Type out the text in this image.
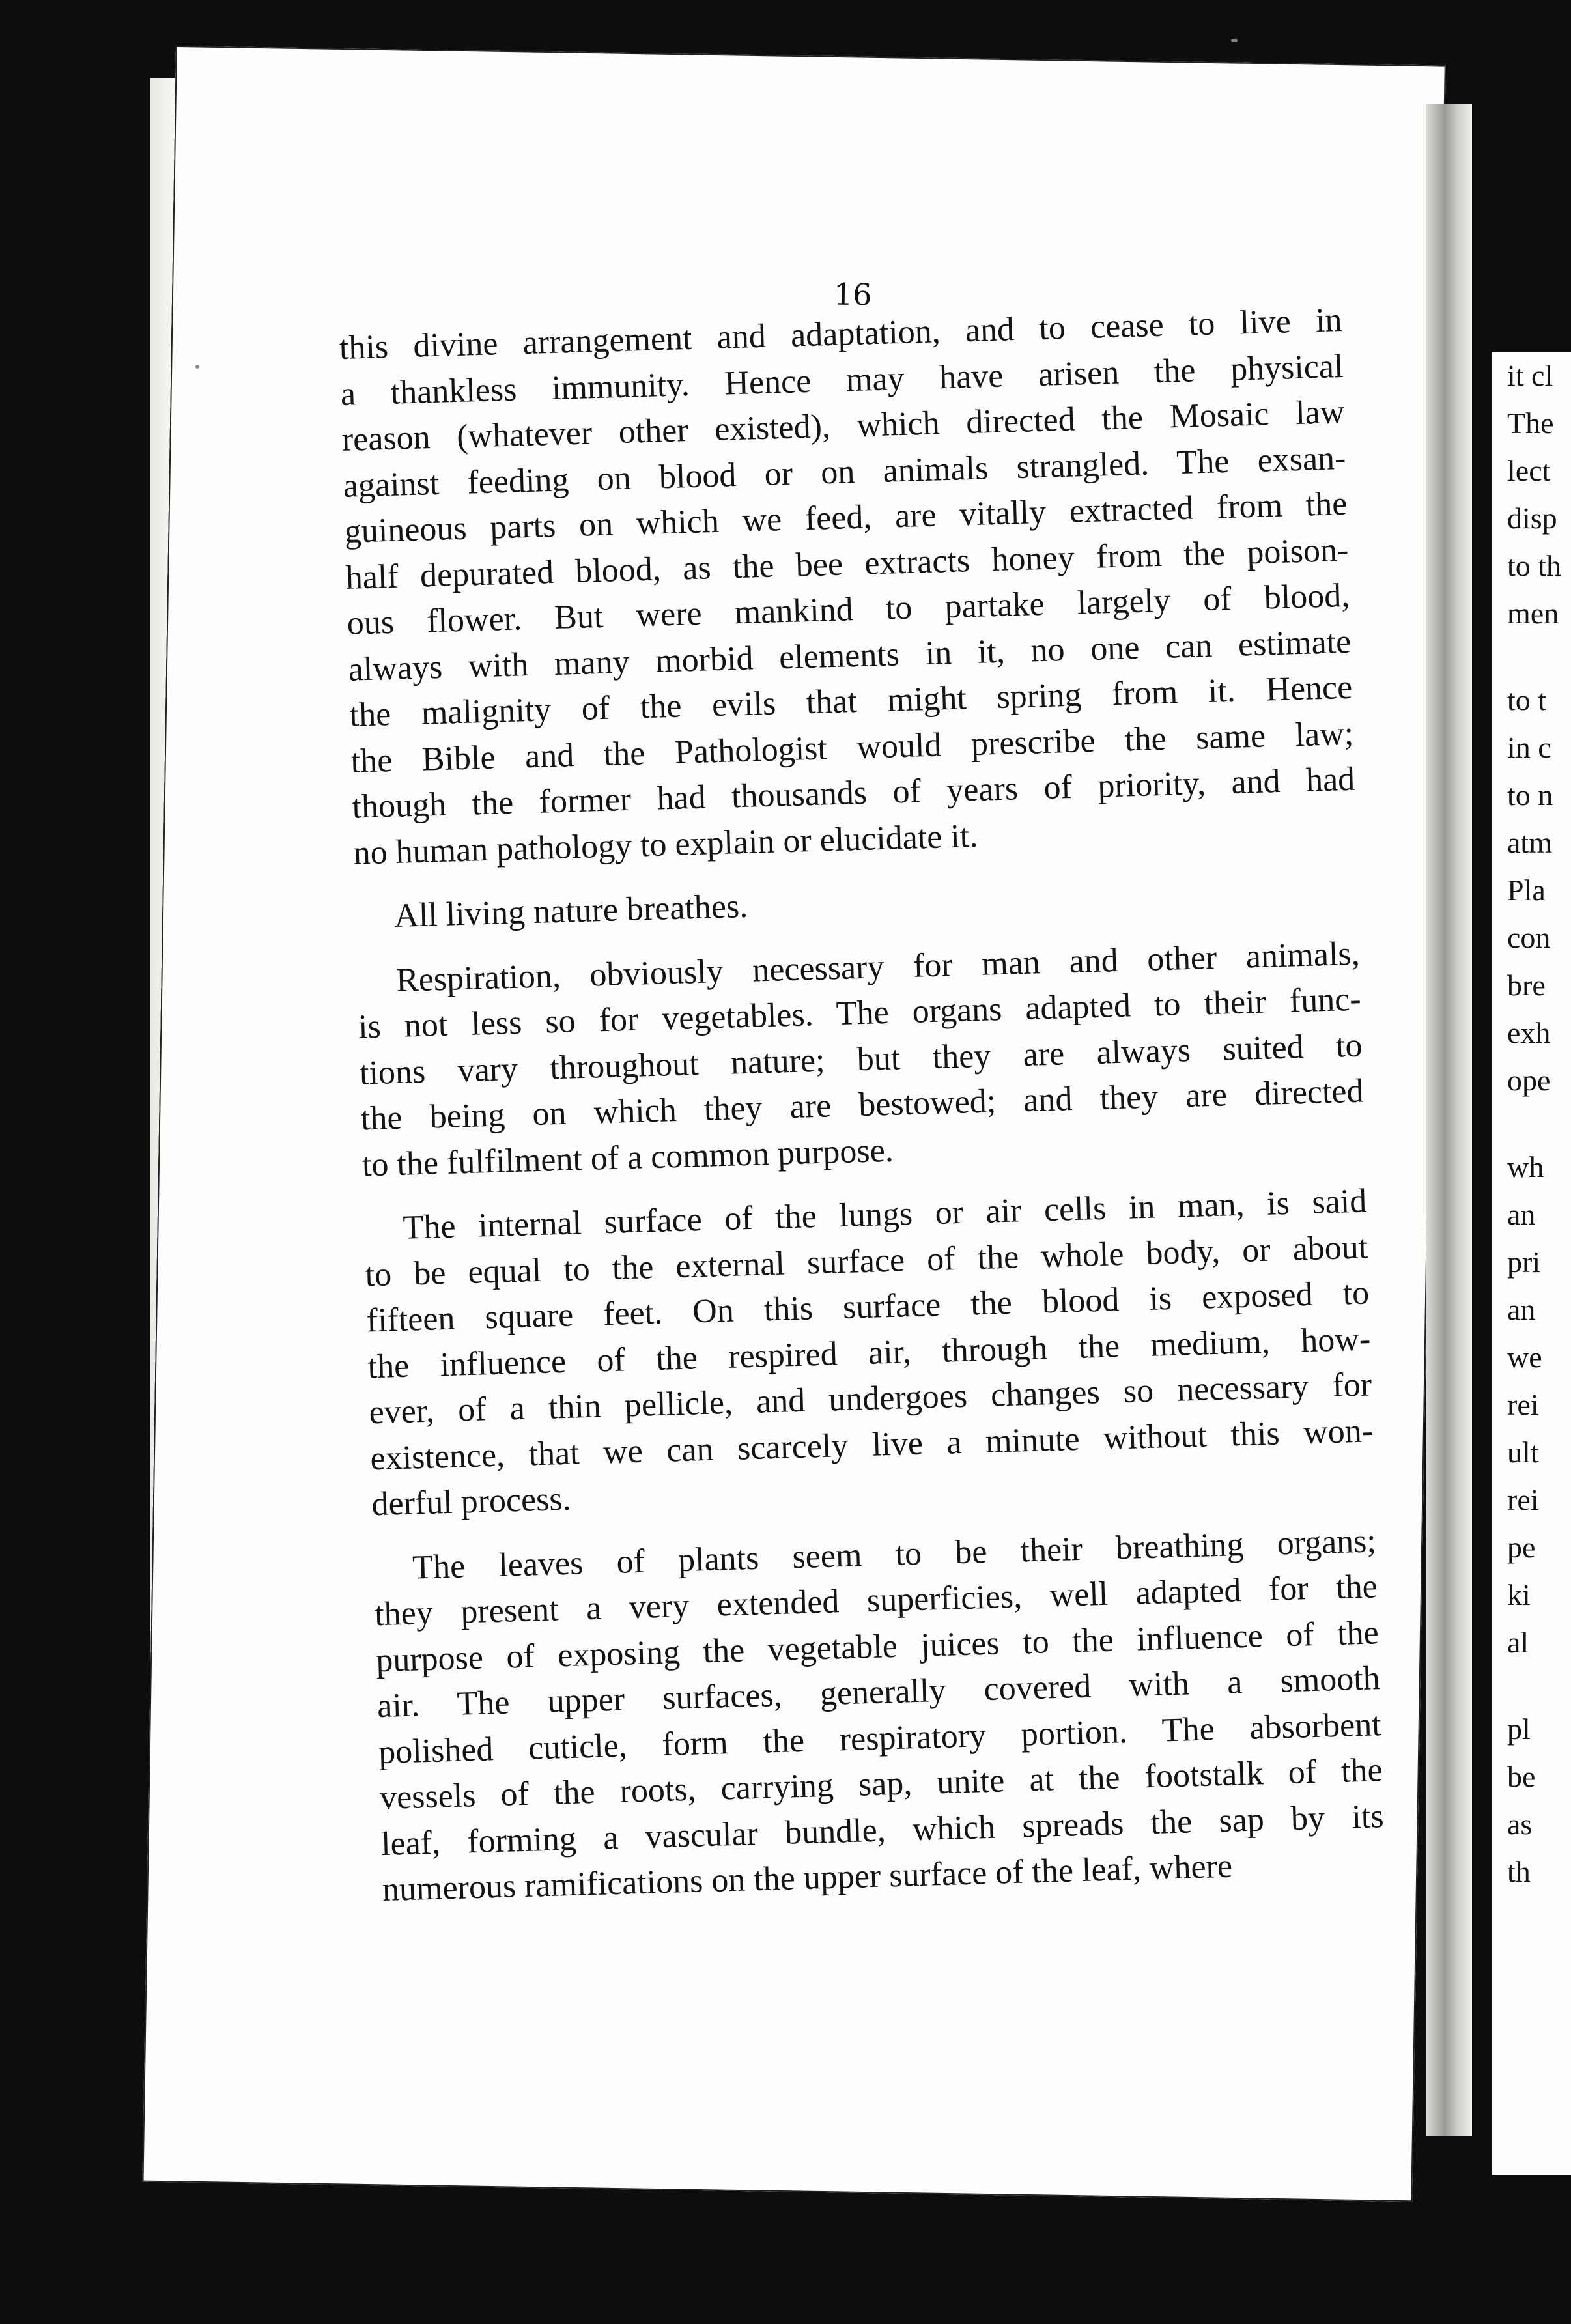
16

this divine arrangement and adaptation, and to cease to live in
a thankless immunity. Hence may have arisen the physical
reason (whatever other existed), which directed the Mosaic law
against feeding on blood or on animals strangled. The exsan-
guineous parts on which we feed, are vitally extracted from the
half depurated blood, as the bee extracts honey from the poison-
ous flower. But were mankind to partake largely of blood,
always with many morbid elements in it, no one can estimate
the malignity of the evils that might spring from it. Hence
the Bible and the Pathologist would prescribe the same law;
though the former had thousands of years of priority, and had
no human pathology to explain or elucidate it.

All living nature breathes.

Respiration, obviously necessary for man and other animals,
is not less so for vegetables. The organs adapted to their func-
tions vary throughout nature; but they are always suited to
the being on which they are bestowed; and they are directed
to the fulfilment of a common purpose.

The internal surface of the lungs or air cells in man, is said
to be equal to the external surface of the whole body, or about
fifteen square feet. On this surface the blood is exposed to
the influence of the respired air, through the medium, how-
ever, of a thin pellicle, and undergoes changes so necessary for
existence, that we can scarcely live a minute without this won-
derful process.

The leaves of plants seem to be their breathing organs;
they present a very extended superficies, well adapted for the
purpose of exposing the vegetable juices to the influence of the
air. The upper surfaces, generally covered with a smooth
polished cuticle, form the respiratory portion. The absorbent
vessels of the roots, carrying sap, unite at the footstalk of the
leaf, forming a vascular bundle, which spreads the sap by its
numerous ramifications on the upper surface of the leaf, where

it cl
The
lect
disp
to th
men
to t
in c
to n
atm
Pla
con
bre
exh
ope
wh
an
pri
an
we
rei
ult
rei
pe
ki
al
pl
be
as
th
